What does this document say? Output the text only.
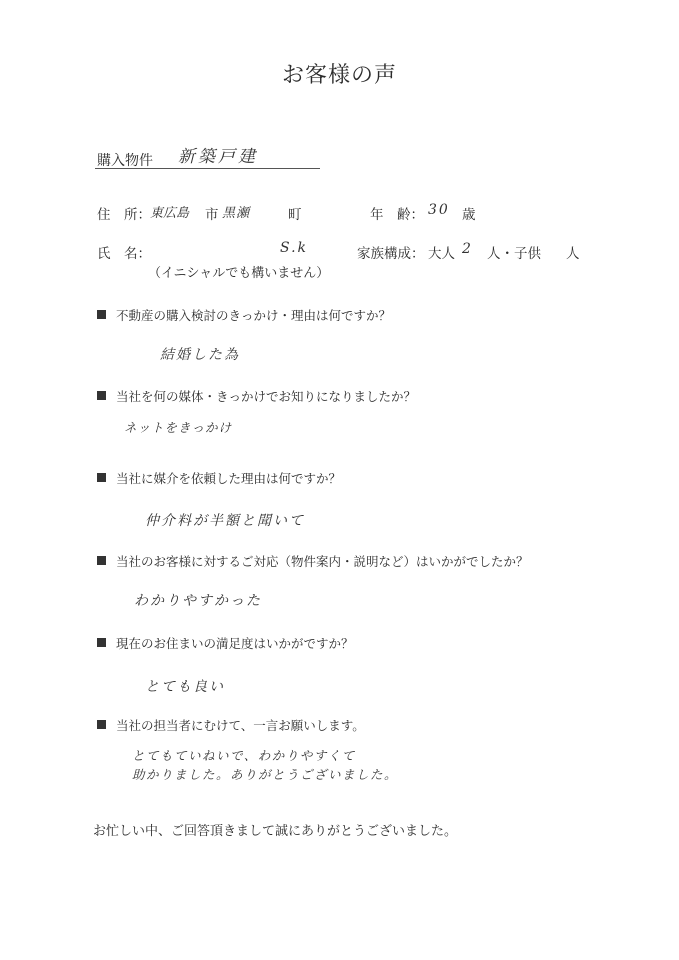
お客様の声
購入物件 新築戸建
住　所： 東広島 市 黒瀬	町	年　齢： 30 歳
氏　名：	S.k
（イニシャルでも構いません）
家族構成： 大人 2 人・子供 人
不動産の購入検討のきっかけ・理由は何ですか？
結婚した為
当社を何の媒体・きっかけでお知りになりましたか？
ネットをきっかけ
当社に媒介を依頼した理由は何ですか？
仲介料が半額と聞いて
当社のお客様に対するご対応（物件案内・説明など）はいかがでしたか？
わかりやすかった
現在のお住まいの満足度はいかがですか？
とても良い
当社の担当者にむけて、一言お願いします。
とてもていねいで、わかりやすくて
助かりました。ありがとうございました。
お忙しい中、ご回答頂きまして誠にありがとうございました。
